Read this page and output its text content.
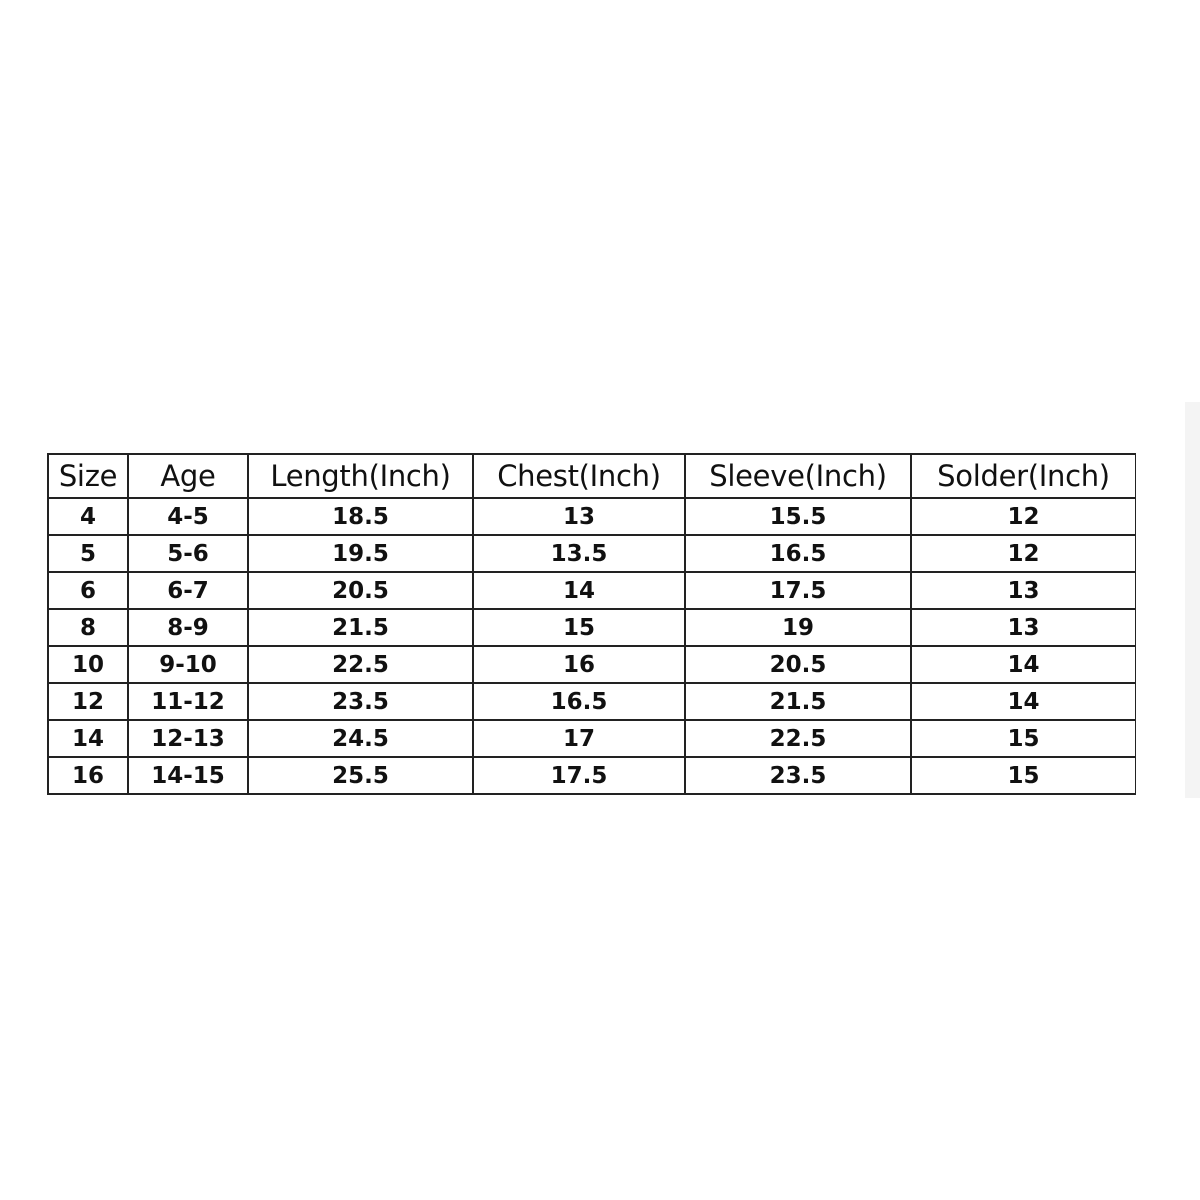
Size	Age	Length(Inch)	Chest(Inch)	Sleeve(Inch)	Solder(Inch)
4	4-5	18.5	13	15.5	12
5	5-6	19.5	13.5	16.5	12
6	6-7	20.5	14	17.5	13
8	8-9	21.5	15	19	13
10	9-10	22.5	16	20.5	14
12	11-12	23.5	16.5	21.5	14
14	12-13	24.5	17	22.5	15
16	14-15	25.5	17.5	23.5	15
